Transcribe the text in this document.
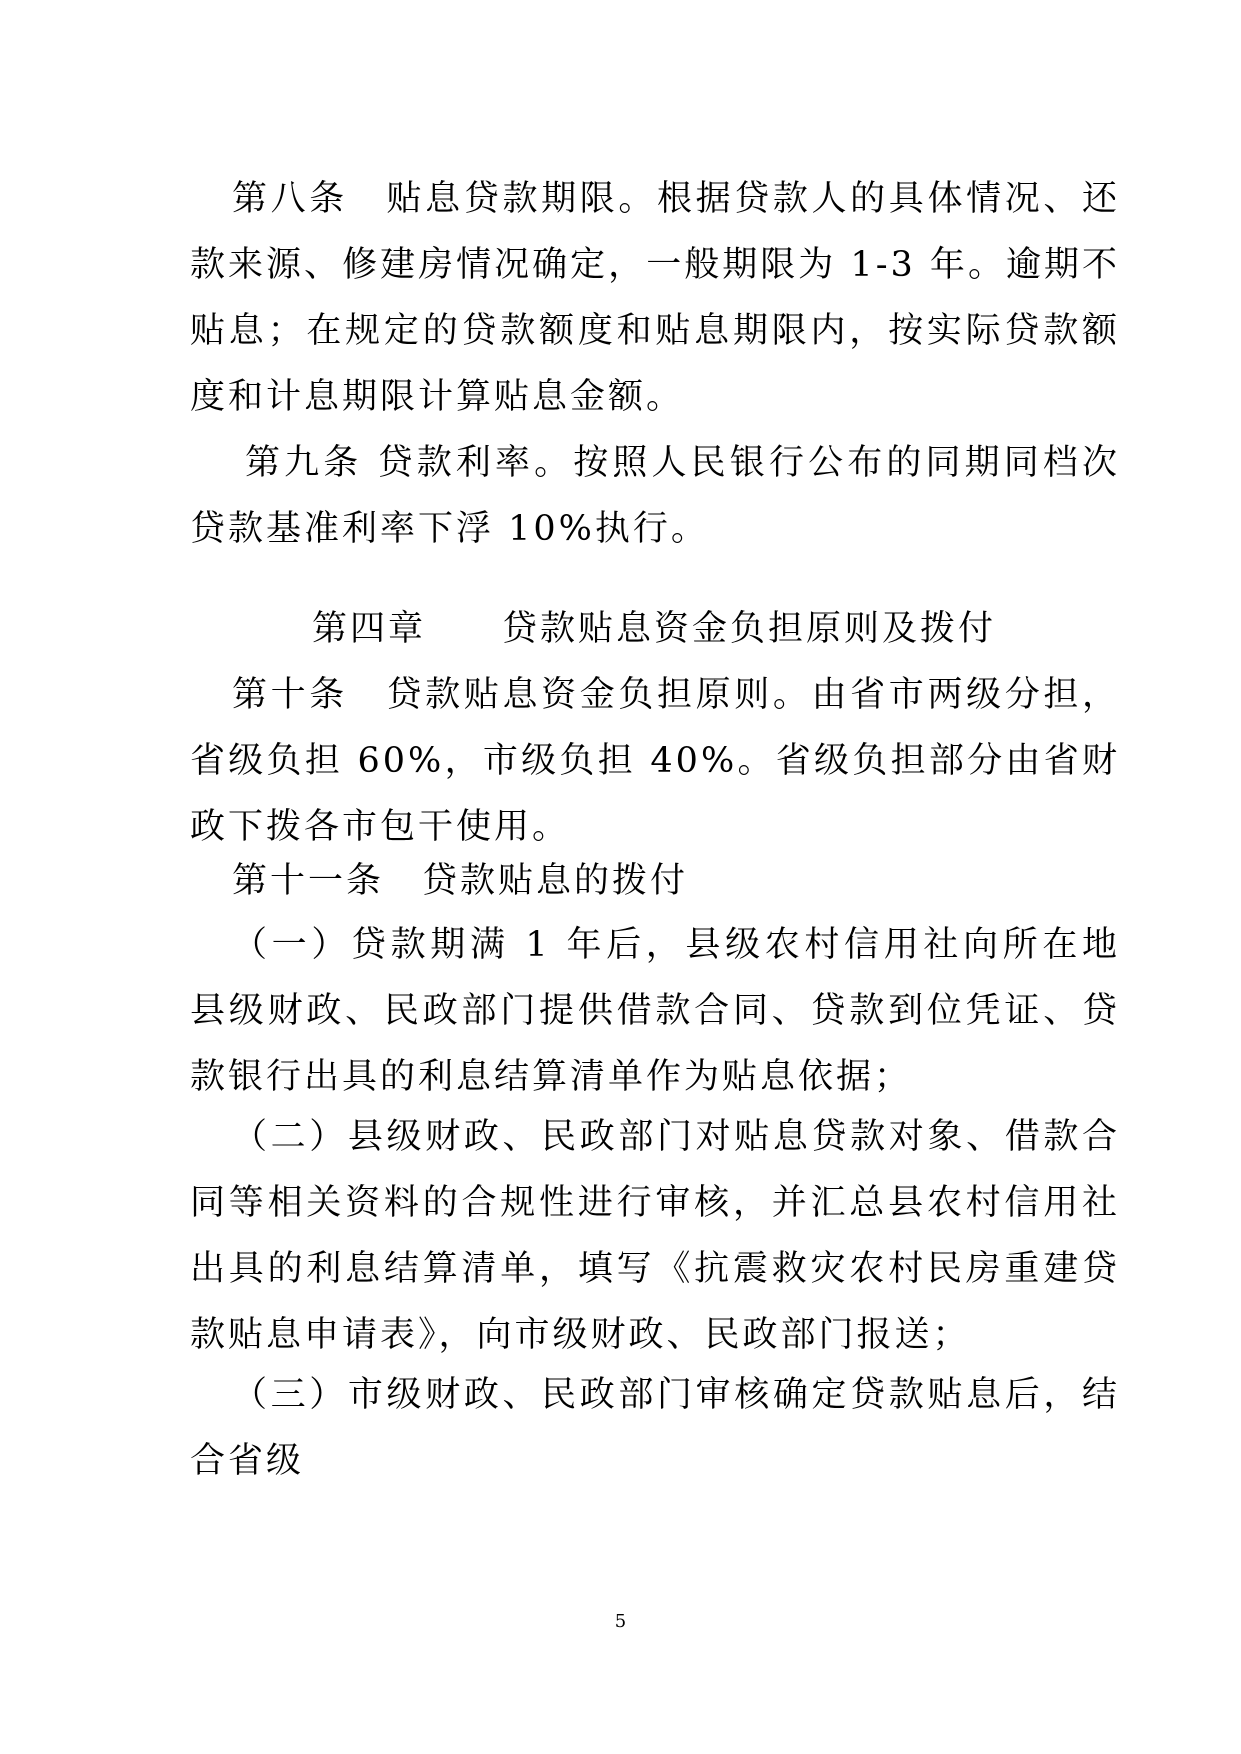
第八条　贴息贷款期限。根据贷款人的具体情况、还款来源、修建房情况确定，一般期限为 1-3 年。逾期不贴息；在规定的贷款额度和贴息期限内，按实际贷款额度和计息期限计算贴息金额。

第九条 贷款利率。按照人民银行公布的同期同档次贷款基准利率下浮 10%执行。

第四章　　贷款贴息资金负担原则及拨付

第十条　贷款贴息资金负担原则。由省市两级分担，省级负担 60%，市级负担 40%。省级负担部分由省财政下拨各市包干使用。

第十一条　贷款贴息的拨付

（一）贷款期满 1 年后，县级农村信用社向所在地县级财政、民政部门提供借款合同、贷款到位凭证、贷款银行出具的利息结算清单作为贴息依据；

（二）县级财政、民政部门对贴息贷款对象、借款合同等相关资料的合规性进行审核，并汇总县农村信用社出具的利息结算清单，填写《抗震救灾农村民房重建贷款贴息申请表》，向市级财政、民政部门报送；

（三）市级财政、民政部门审核确定贷款贴息后，结合省级

5
